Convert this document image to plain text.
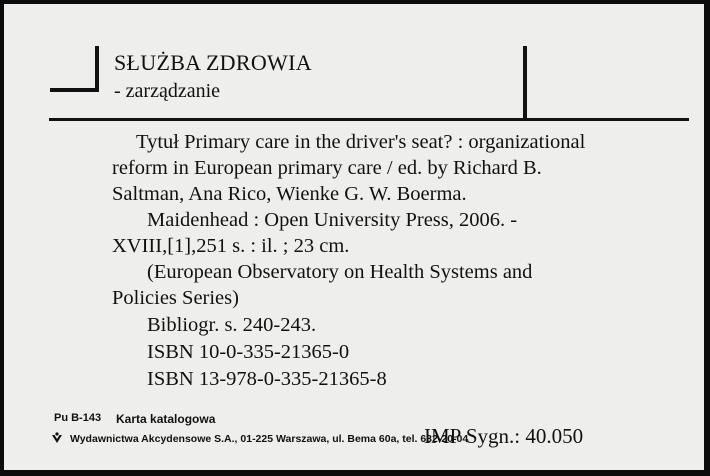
SŁUŻBA ZDROWIA
- zarządzanie
Tytuł Primary care in the driver's seat? : organizational
reform in European primary care / ed. by Richard B.
Saltman, Ana Rico, Wienke G. W. Boerma.
Maidenhead : Open University Press, 2006. -
XVIII,[1],251 s. : il. ; 23 cm.
(European Observatory on Health Systems and
Policies Series)
Bibliogr. s. 240-243.
ISBN 10-0-335-21365-0
ISBN 13-978-0-335-21365-8
Pu B-143 Karta katalogowa
Wydawnictwa Akcydensowe S.A., 01-225 Warszawa, ul. Bema 60a, tel. 632-20-04
IMP Sygn.: 40.050
